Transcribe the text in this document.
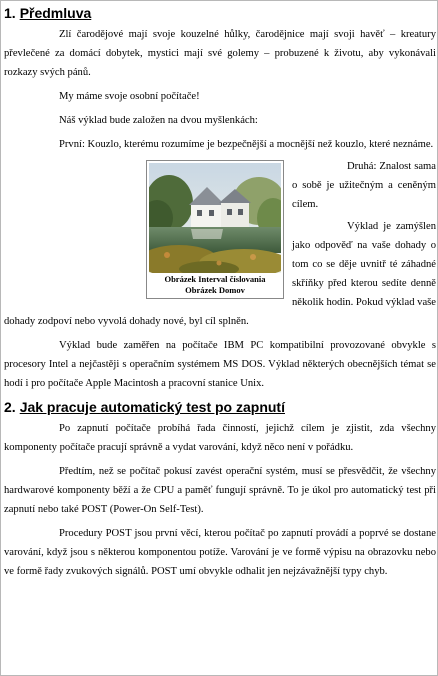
1. Předmluva

Zlí čarodějové mají svoje kouzelné hůlky, čarodějnice mají svoji havěť – kreatury převlečené za domácí dobytek, mystici mají své golemy – probuzené k životu, aby vykonávali rozkazy svých pánů.

My máme svoje osobní počítače!

Náš výklad bude založen na dvou myšlenkách:

První: Kouzlo, kterému rozumíme je bezpečnější a mocnější než kouzlo, které neznáme.

Obrázek Interval číslovania
Obrázek Domov

Druhá: Znalost sama o sobě je užitečným a ceněným cílem.

Výklad je zamýšlen jako odpověď na vaše dohady o tom co se děje uvnitř té záhadné skříňky před kterou sedíte denně několik hodin. Pokud výklad vaše dohady zodpoví nebo vyvolá dohady nové, byl cíl splněn.

Výklad bude zaměřen na počítače IBM PC kompatibilní provozované obvykle s procesory Intel a nejčastěji s operačním systémem MS DOS. Výklad některých obecnějších témat se hodí i pro počítače Apple Macintosh a pracovní stanice Unix.

2. Jak pracuje automatický test po zapnutí

Po zapnutí počítače probíhá řada činností, jejichž cílem je zjistit, zda všechny komponenty počítače pracují správně a vydat varování, když něco není v pořádku.

Předtím, než se počítač pokusí zavést operační systém, musí se přesvědčit, že všechny hardwarové komponenty běží a že CPU a paměť fungují správně. To je úkol pro automatický test při zapnutí nebo také POST (Power-On Self-Test).

Procedury POST jsou první věcí, kterou počítač po zapnutí provádí a poprvé se dostane varování, když jsou s některou komponentou potíže. Varování je ve formě výpisu na obrazovku nebo ve formě řady zvukových signálů. POST umí obvykle odhalit jen nejzávažnější typy chyb.
